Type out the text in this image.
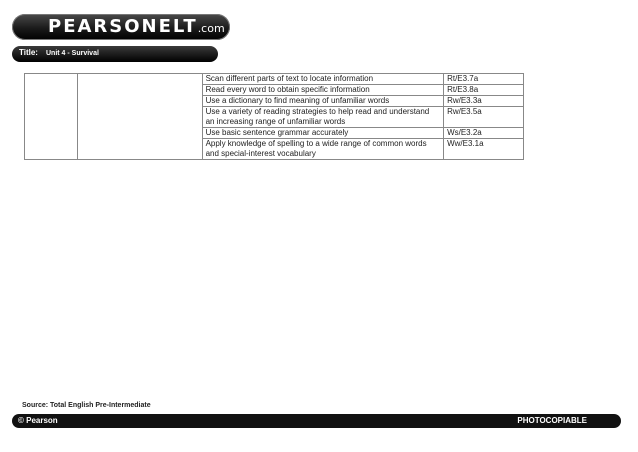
PEARSONELT.com
Title: Unit 4 - Survival
		Scan different parts of text to locate information	Rt/E3.7a
		Read every word to obtain specific information	Rt/E3.8a
		Use a dictionary to find meaning of unfamiliar words	Rw/E3.3a
		Use a variety of reading strategies to help read and understand an increasing range of unfamiliar words	Rw/E3.5a
		Use basic sentence grammar accurately	Ws/E3.2a
		Apply knowledge of spelling to a wide range of common words and special-interest vocabulary	Ww/E3.1a
Source: Total English Pre-Intermediate
© Pearson	PHOTOCOPIABLE
